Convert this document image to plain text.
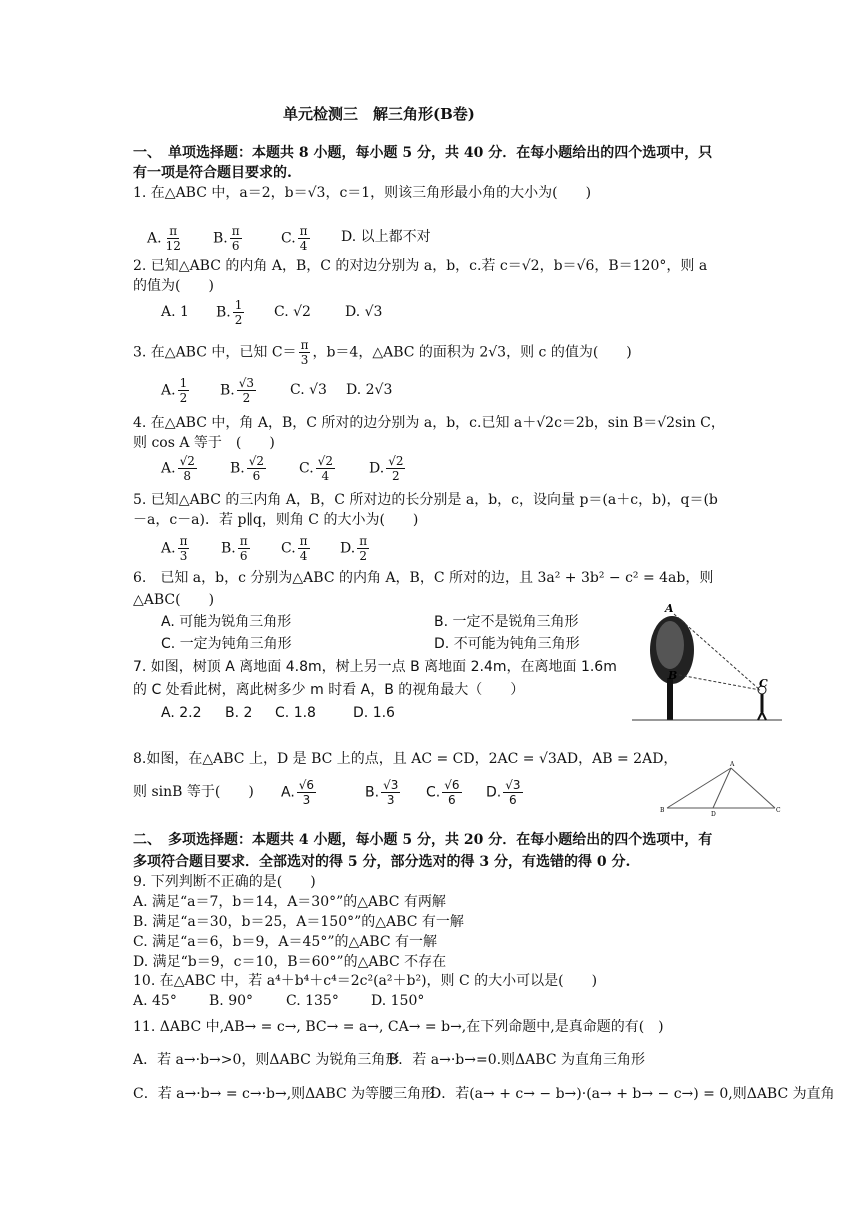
单元检测三　解三角形(B卷)
一、　单项选择题：本题共 8 小题，每小题 5 分，共 40 分．在每小题给出的四个选项中，只
有一项是符合题目要求的.
1. 在△ABC 中，a＝2，b＝√3，c＝1，则该三角形最小角的大小为(　　)
A. $\frac{\pi}{12} B$. $\frac{\pi}{6}$	C. $\frac{\pi}{4} D$. 以上都不对
2. 已知△ABC 的内角 A，B，C 的对边分别为 a，b，c.若 c＝√2，b＝√6，B＝120°，则 a
的值为(　　)
A. 1 B. $\frac{1}{2} C$. √2 D. √3
3. 在△ABC 中，已知 $C= \frac{\pi}{3}$ ，b＝4，△ABC 的面积为 2√3，则 c 的值为(　　)
A. $\frac{1}{2} B$. $\frac{√3}{2} C$. √3 D. 2√3
4. 在△ABC 中，角 A，B，C 所对的边分别为 a，b，c.已知 a＋√2c＝2b，sin B＝√2sin C，
则 cos A 等于　(　　)
A. $\frac{√2}{8} B$. $\frac{√2}{6} C$. $\frac{√2}{4} D$. $\frac{√2}{2}$
5. 已知△ABC 的三内角 A，B，C 所对边的长分别是 a，b，c，设向量 p＝(a＋c，b)，q＝(b
－a，c－a)．若 p∥q，则角 C 的大小为(　　)
A. $\frac{\pi}{3} B$. $\frac{\pi}{6} C$. $\frac{\pi}{4} D$. $\frac{\pi}{2}$
6.　已知 a，b，c 分别为△ABC 的内角 A，B，C 所对的边，且 3a² + 3b² − c² = 4ab，则
△ABC(　　)
A. 可能为锐角三角形	B. 一定不是锐角三角形
C. 一定为钝角三角形	D. 不可能为钝角三角形
7. 如图，树顶 A 离地面 4.8m，树上另一点 B 离地面 2.4m，在离地面 1.6m
的 C 处看此树，离此树多少 m 时看 A，B 的视角最大（　　）
A. 2.2 B. 2 C. 1.8	D. 1.6
A
B
C
8.如图，在△ABC 上，D 是 BC 上的点，且 AC = CD，2AC = √3AD，AB = 2AD，
则 sinB 等于(　　) A. $\frac{√6}{3}$	B. $\frac{√3}{3} C$. $\frac{√6}{6} D$. $\frac{√3}{6}$
A
B	C
D
二、　多项选择题：本题共 4 小题，每小题 5 分，共 20 分．在每小题给出的四个选项中，有
多项符合题目要求．全部选对的得 5 分，部分选对的得 3 分，有选错的得 0 分.
9. 下列判断不正确的是(　　)
A. 满足“a＝7，b＝14，A＝30°”的△ABC 有两解
B. 满足“a＝30，b＝25，A＝150°”的△ABC 有一解
C. 满足“a＝6，b＝9，A＝45°”的△ABC 有一解
D. 满足“b＝9，c＝10，B＝60°”的△ABC 不存在
10. 在△ABC 中，若 a⁴＋b⁴＋c⁴＝2c²(a²＋b²)，则 C 的大小可以是(　　)
A. 45° B. 90° C. 135° D. 150°
11. ΔABC 中,AB→ = c→, BC→ = a→, CA→ = b→,在下列命题中,是真命题的有(　)
A．若 a→·b→>0，则ΔABC 为锐角三角形
B．若 a→·b→=0.则ΔABC 为直角三角形
C．若 a→·b→ = c→·b→,则ΔABC 为等腰三角形
D．若(a→ + c→ − b→)·(a→ + b→ − c→) = 0,则ΔABC 为直角
